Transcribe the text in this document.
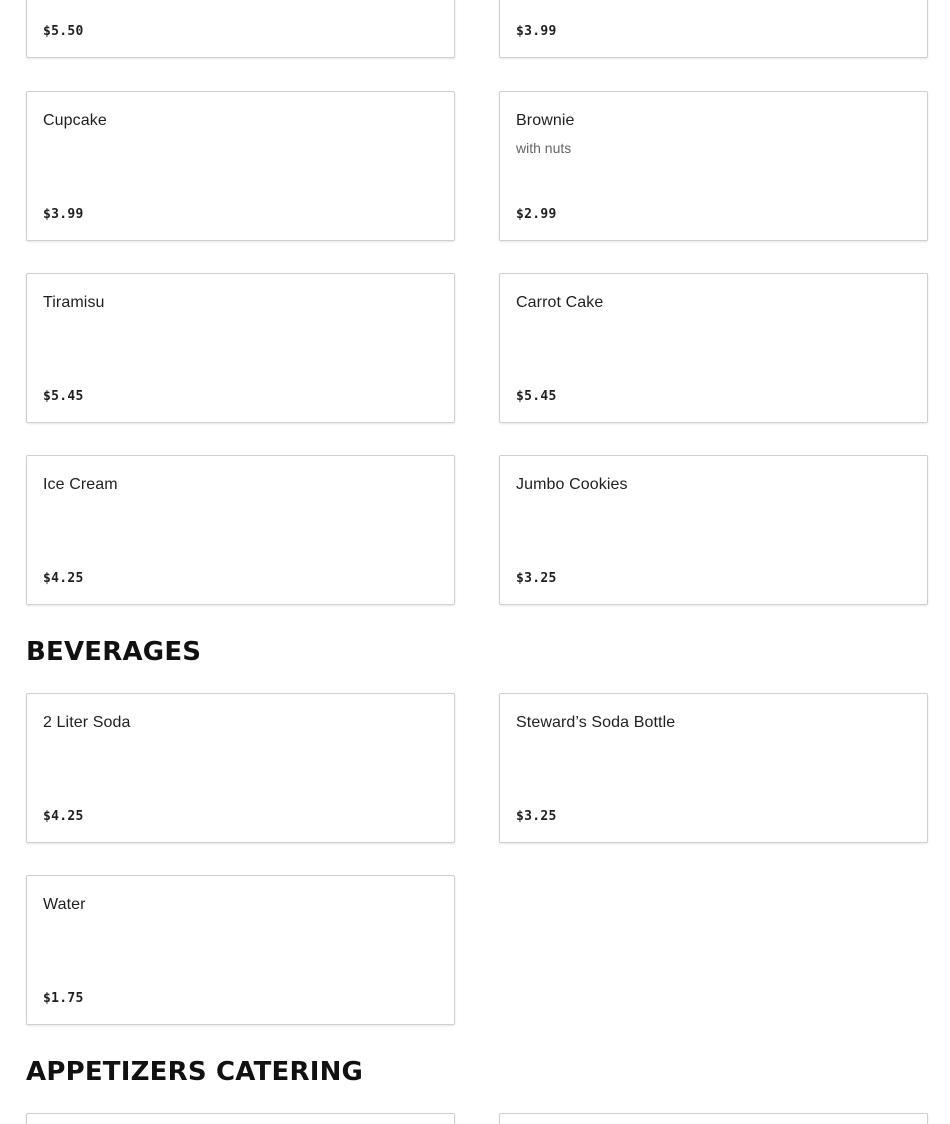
$5.50	$3.99
Cupcake
$3.99
Brownie
with nuts
$2.99
Tiramisu
$5.45
Carrot Cake
$5.45
Ice Cream
$4.25
Jumbo Cookies
$3.25
BEVERAGES
2 Liter Soda
$4.25
Steward’s Soda Bottle
$3.25
Water
$1.75
APPETIZERS CATERING
